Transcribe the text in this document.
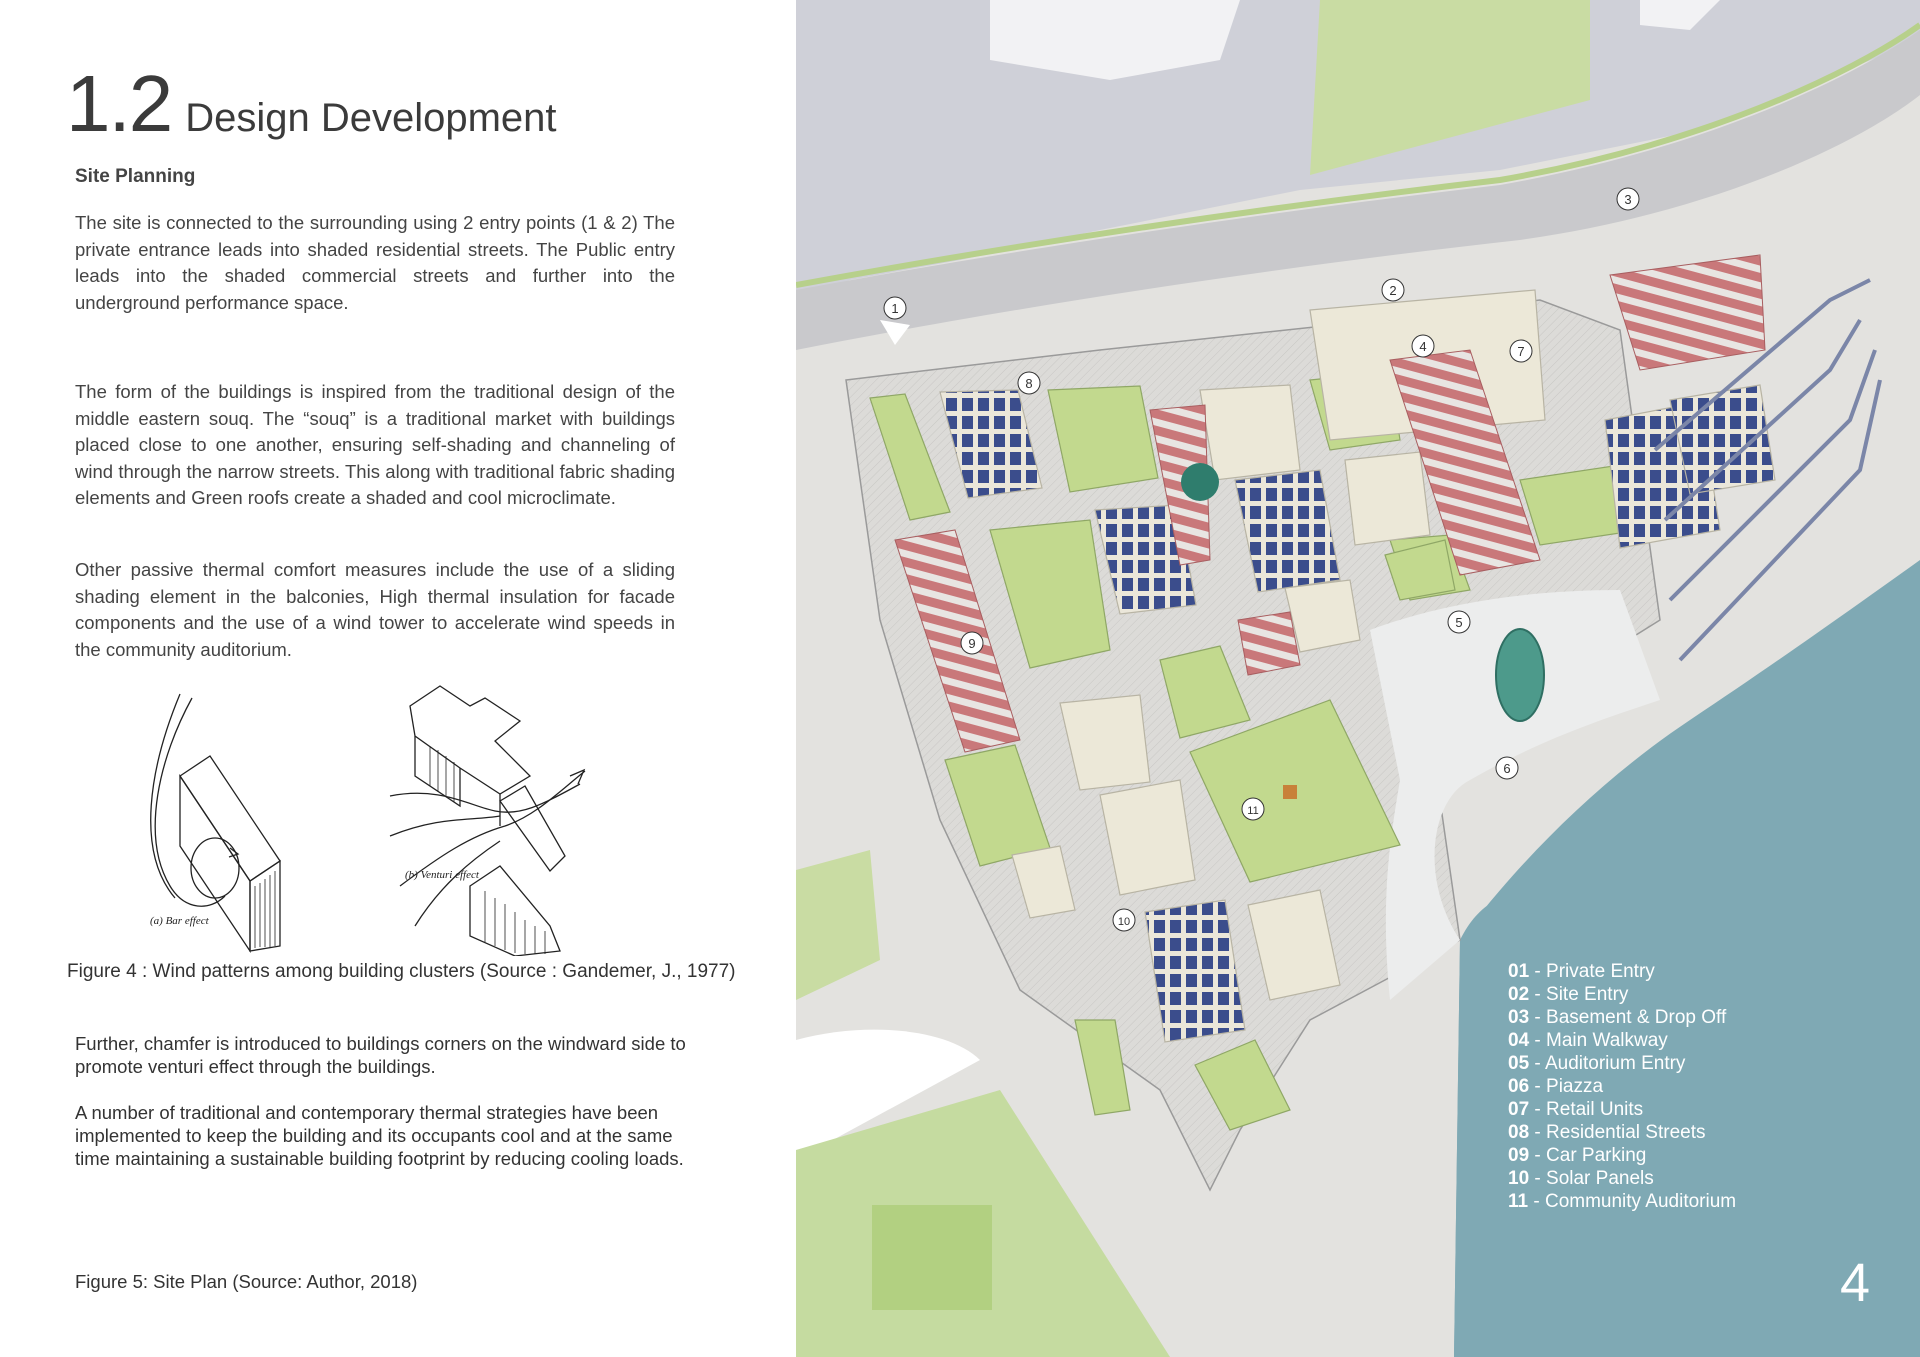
1.2 Design Development
Site Planning

The site is connected to the surrounding using 2 entry points (1 & 2) The private entrance leads into shaded residential streets. The Public entry leads into the shaded commercial streets and further into the underground performance space.

The form of the buildings is inspired from the traditional design of the middle eastern souq. The “souq” is a traditional market with buildings placed close to one another, ensuring self-shading and channeling of wind through the narrow streets. This along with traditional fabric shading elements and Green roofs create a shaded and cool microclimate.

Other passive thermal comfort measures include the use of a sliding shading element in the balconies, High thermal insulation for facade components and the use of a wind tower to accelerate wind speeds in the community auditorium.

(a) Bar effect
(b) Venturi effect
Figure 4 : Wind patterns among building clusters (Source : Gandemer, J., 1977)

Further, chamfer is introduced to buildings corners on the windward side to promote venturi effect through the buildings.

A number of traditional and contemporary thermal strategies have been implemented to keep the building and its occupants cool and at the same time maintaining a sustainable building footprint by reducing cooling loads.

Figure 5: Site Plan (Source: Author, 2018)
1
2
3
4
5
6
7
8
9
10
11
01 - Private Entry
02 - Site Entry
03 - Basement & Drop Off
04 - Main Walkway
05 - Auditorium Entry
06 - Piazza
07 - Retail Units
08 - Residential Streets
09 - Car Parking
10 - Solar Panels
11 - Community Auditorium
4
